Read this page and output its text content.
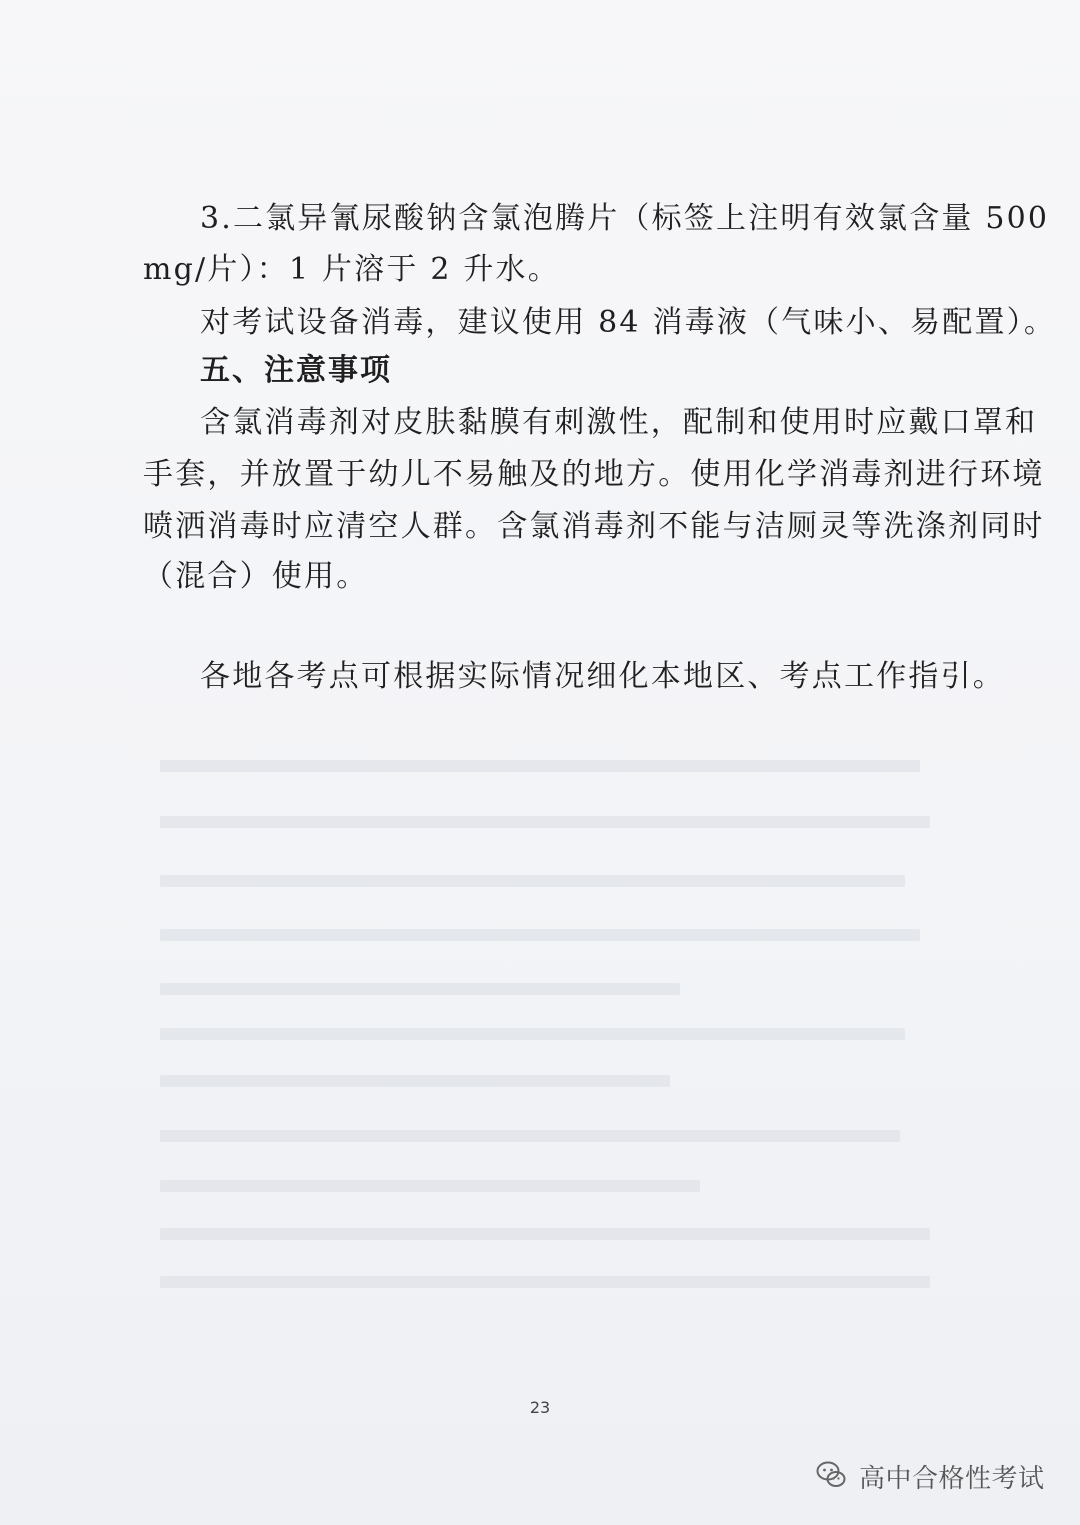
3.二氯异氰尿酸钠含氯泡腾片（标签上注明有效氯含量 500
mg/片）：1 片溶于 2 升水。
对考试设备消毒，建议使用 84 消毒液（气味小、易配置）。
五、注意事项
含氯消毒剂对皮肤黏膜有刺激性，配制和使用时应戴口罩和
手套，并放置于幼儿不易触及的地方。使用化学消毒剂进行环境
喷洒消毒时应清空人群。含氯消毒剂不能与洁厕灵等洗涤剂同时
（混合）使用。
各地各考点可根据实际情况细化本地区、考点工作指引。
23
高中合格性考试
